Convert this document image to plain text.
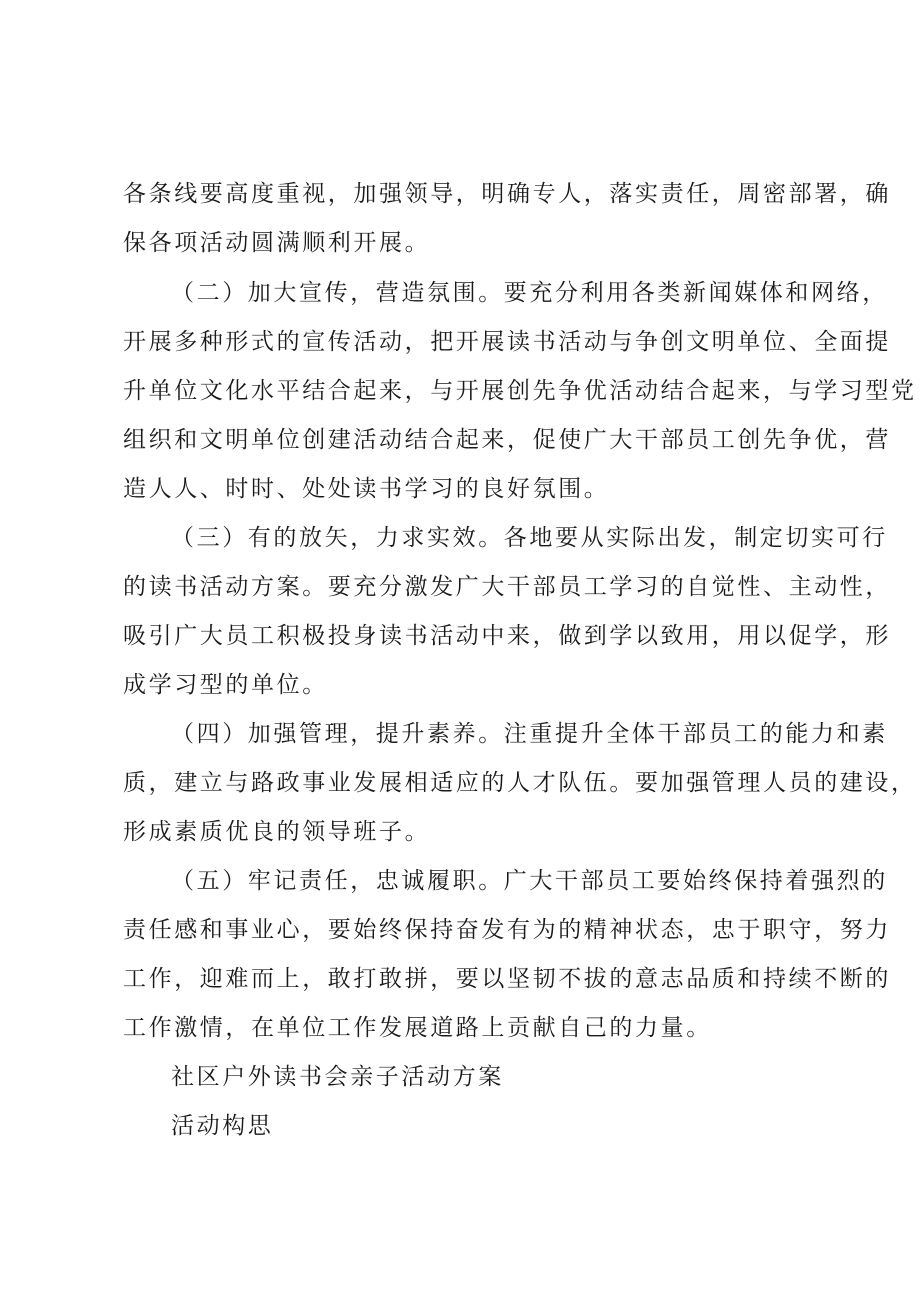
各条线要高度重视，加强领导，明确专人，落实责任，周密部署，确
保各项活动圆满顺利开展。
（二）加大宣传，营造氛围。要充分利用各类新闻媒体和网络，
开展多种形式的宣传活动，把开展读书活动与争创文明单位、全面提
升单位文化水平结合起来，与开展创先争优活动结合起来，与学习型党
组织和文明单位创建活动结合起来，促使广大干部员工创先争优，营
造人人、时时、处处读书学习的良好氛围。
（三）有的放矢，力求实效。各地要从实际出发，制定切实可行
的读书活动方案。要充分激发广大干部员工学习的自觉性、主动性，
吸引广大员工积极投身读书活动中来，做到学以致用，用以促学，形
成学习型的单位。
（四）加强管理，提升素养。注重提升全体干部员工的能力和素
质，建立与路政事业发展相适应的人才队伍。要加强管理人员的建设，
形成素质优良的领导班子。
（五）牢记责任，忠诚履职。广大干部员工要始终保持着强烈的
责任感和事业心，要始终保持奋发有为的精神状态，忠于职守，努力
工作，迎难而上，敢打敢拼，要以坚韧不拔的意志品质和持续不断的
工作激情，在单位工作发展道路上贡献自己的力量。
社区户外读书会亲子活动方案
活动构思
